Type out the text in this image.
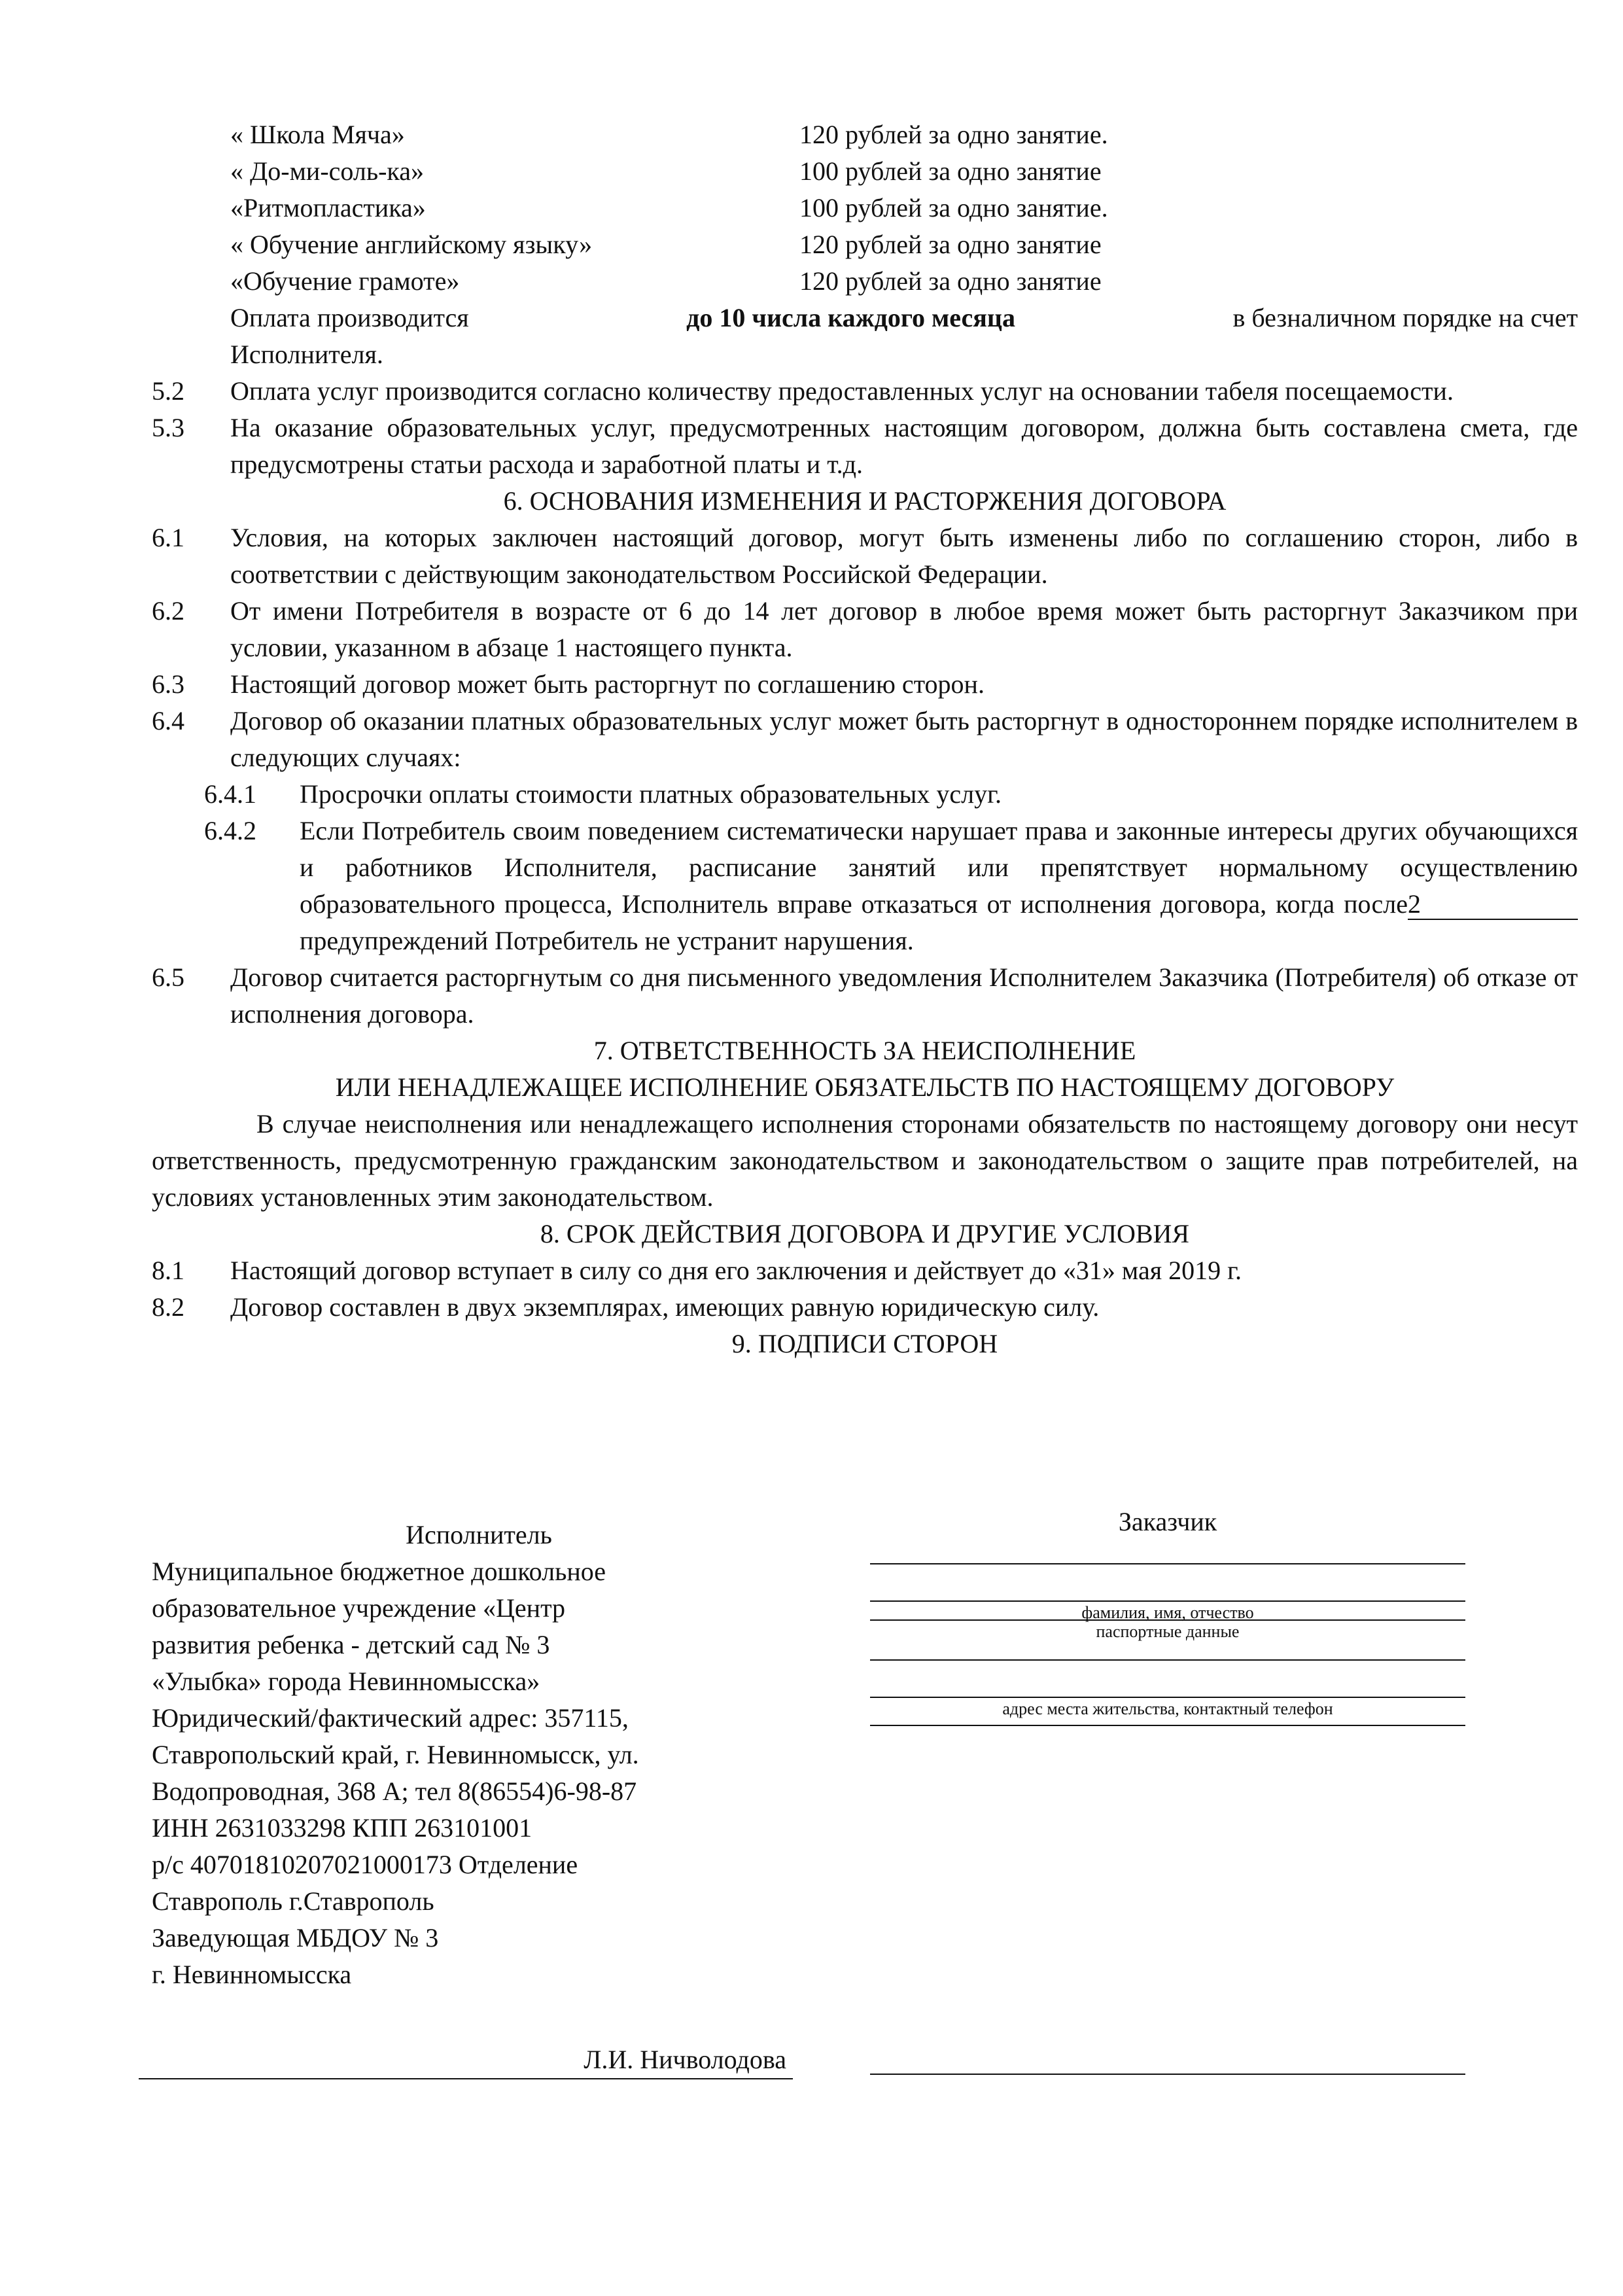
« Школа Мяча»	120 рублей за одно занятие.
« До-ми-соль-ка»	100 рублей за одно занятие
«Ритмопластика»	100 рублей за одно занятие.
« Обучение английскому языку»	120 рублей за одно занятие
«Обучение грамоте»	120 рублей за одно занятие
Оплата производится	до 10 числа каждого месяца	в безналичном порядке на счет
Исполнителя.
5.2	Оплата услуг производится согласно количеству предоставленных услуг на основании табеля посещаемости.
5.3	На оказание образовательных услуг, предусмотренных настоящим договором, должна быть составлена смета, где предусмотрены статьи расхода и заработной платы и т.д.
6. ОСНОВАНИЯ ИЗМЕНЕНИЯ И РАСТОРЖЕНИЯ ДОГОВОРА
6.1	Условия, на которых заключен настоящий договор, могут быть изменены либо по соглашению сторон, либо в соответствии с действующим законодательством Российской Федерации.
6.2	От имени Потребителя в возрасте от 6 до 14 лет договор в любое время может быть расторгнут Заказчиком при условии, указанном в абзаце 1 настоящего пункта.
6.3	Настоящий договор может быть расторгнут по соглашению сторон.
6.4	Договор об оказании платных образовательных услуг может быть расторгнут в одностороннем порядке исполнителем в следующих случаях:
6.4.1	Просрочки оплаты стоимости платных образовательных услуг.
6.4.2	Если Потребитель своим поведением систематически нарушает права и законные интересы других обучающихся и работников Исполнителя, расписание занятий или препятствует нормальному осуществлению образовательного процесса, Исполнитель вправе отказаться от исполнения договора, когда после2предупреждений Потребитель не устранит нарушения.
6.5	Договор считается расторгнутым со дня письменного уведомления Исполнителем Заказчика (Потребителя) об отказе от исполнения договора.
7. ОТВЕТСТВЕННОСТЬ ЗА НЕИСПОЛНЕНИЕ
ИЛИ НЕНАДЛЕЖАЩЕЕ ИСПОЛНЕНИЕ ОБЯЗАТЕЛЬСТВ ПО НАСТОЯЩЕМУ ДОГОВОРУ
В случае неисполнения или ненадлежащего исполнения сторонами обязательств по настоящему договору они несут ответственность, предусмотренную гражданским законодательством и законодательством о защите прав потребителей, на условиях установленных этим законодательством.
8. СРОК ДЕЙСТВИЯ ДОГОВОРА И ДРУГИЕ УСЛОВИЯ
8.1	Настоящий договор вступает в силу со дня его заключения и действует до «31» мая 2019 г.
8.2	Договор составлен в двух экземплярах, имеющих равную юридическую силу.
9. ПОДПИСИ СТОРОН
Исполнитель
Муниципальное бюджетное дошкольное
образовательное учреждение «Центр
развития ребенка - детский сад № 3
«Улыбка» города Невинномысска»
Юридический/фактический адрес: 357115,
Ставропольский край, г. Невинномысск, ул.
Водопроводная, 368 А; тел 8(86554)6-98-87
ИНН 2631033298 КПП 263101001
р/с 40701810207021000173 Отделение
Ставрополь г.Ставрополь
Заведующая МБДОУ № 3
г. Невинномысска
Заказчик
фамилия, имя, отчество
паспортные данные
адрес места жительства, контактный телефон
Л.И. Ничволодова
